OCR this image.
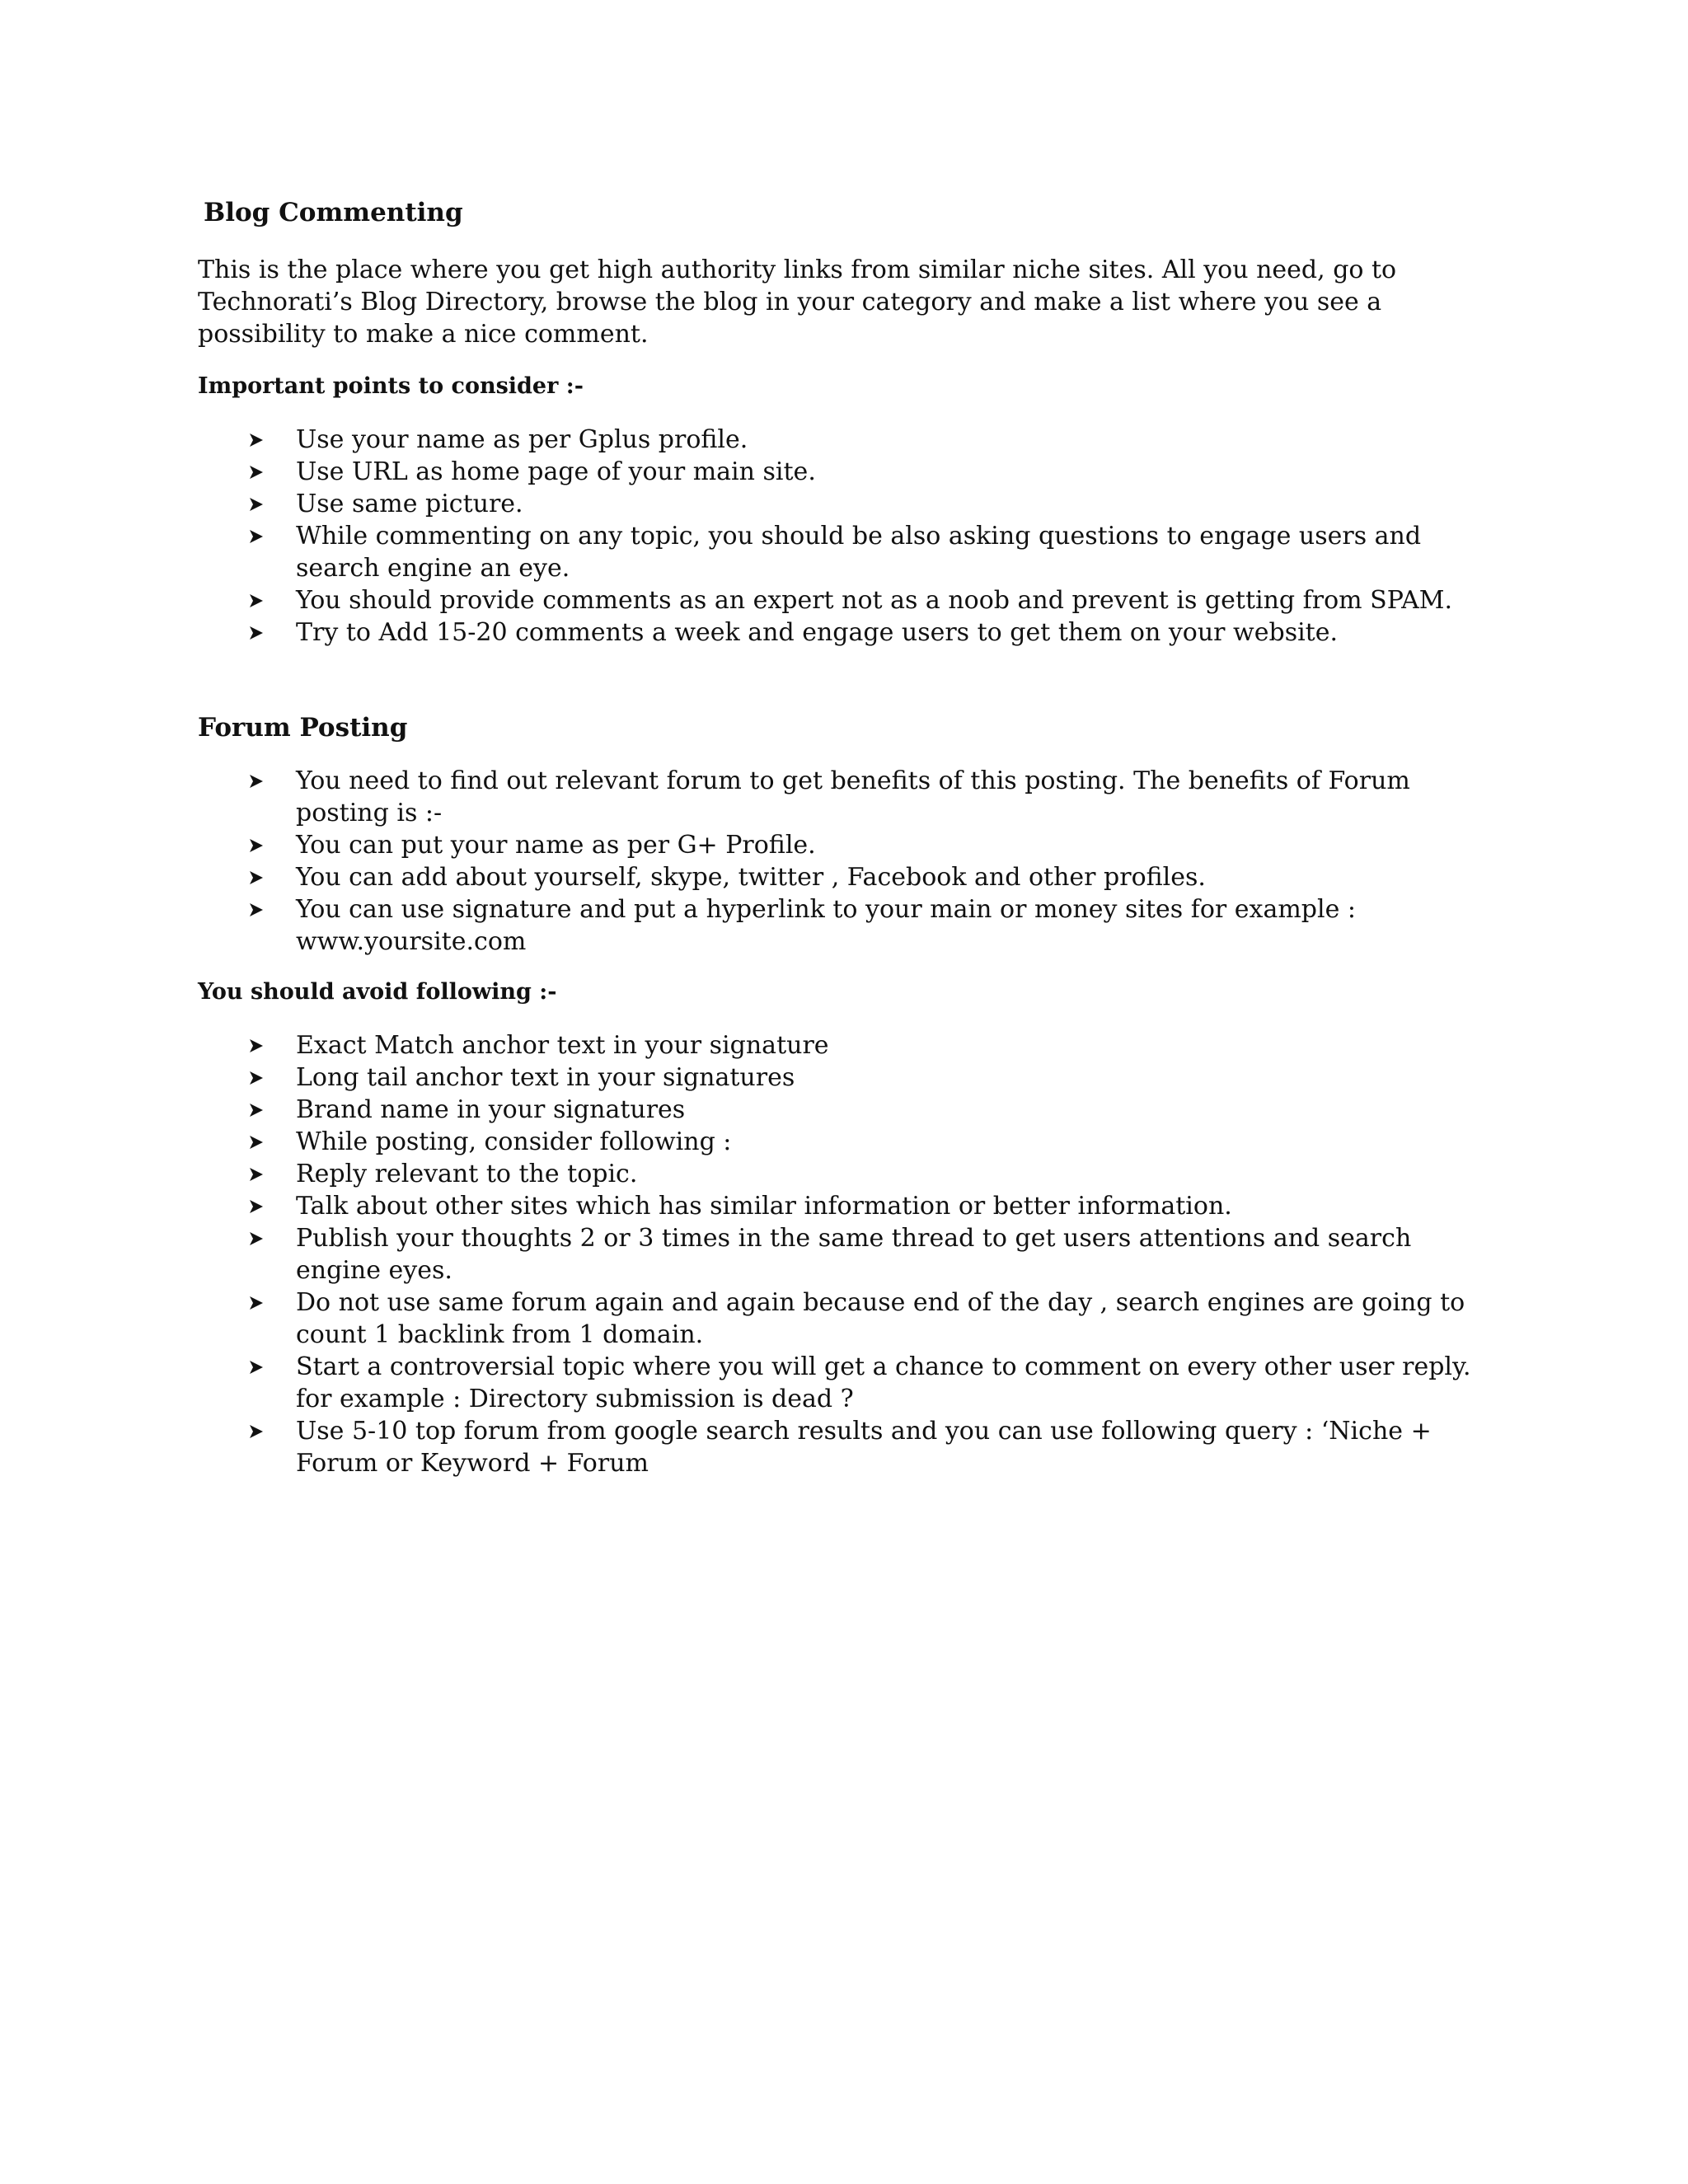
Blog Commenting

This is the place where you get high authority links from similar niche sites. All you need, go to Technorati’s Blog Directory, browse the blog in your category and make a list where you see a possibility to make a nice comment.

Important points to consider :-
Use your name as per Gplus profile.
Use URL as home page of your main site.
Use same picture.
While commenting on any topic, you should be also asking questions to engage users and search engine an eye.
You should provide comments as an expert not as a noob and prevent is getting from SPAM.
Try to Add 15-20 comments a week and engage users to get them on your website.
Forum Posting
You need to find out relevant forum to get benefits of this posting. The benefits of Forum posting is :-
You can put your name as per G+ Profile.
You can add about yourself, skype, twitter , Facebook and other profiles.
You can use signature and put a hyperlink to your main or money sites for example : www.yoursite.com
You should avoid following :-
Exact Match anchor text in your signature
Long tail anchor text in your signatures
Brand name in your signatures
While posting, consider following :
Reply relevant to the topic.
Talk about other sites which has similar information or better information.
Publish your thoughts 2 or 3 times in the same thread to get users attentions and search engine eyes.
Do not use same forum again and again because end of the day , search engines are going to count 1 backlink from 1 domain.
Start a controversial topic where you will get a chance to comment on every other user reply. for example : Directory submission is dead ?
Use 5-10 top forum from google search results and you can use following query : ‘Niche + Forum or Keyword + Forum
